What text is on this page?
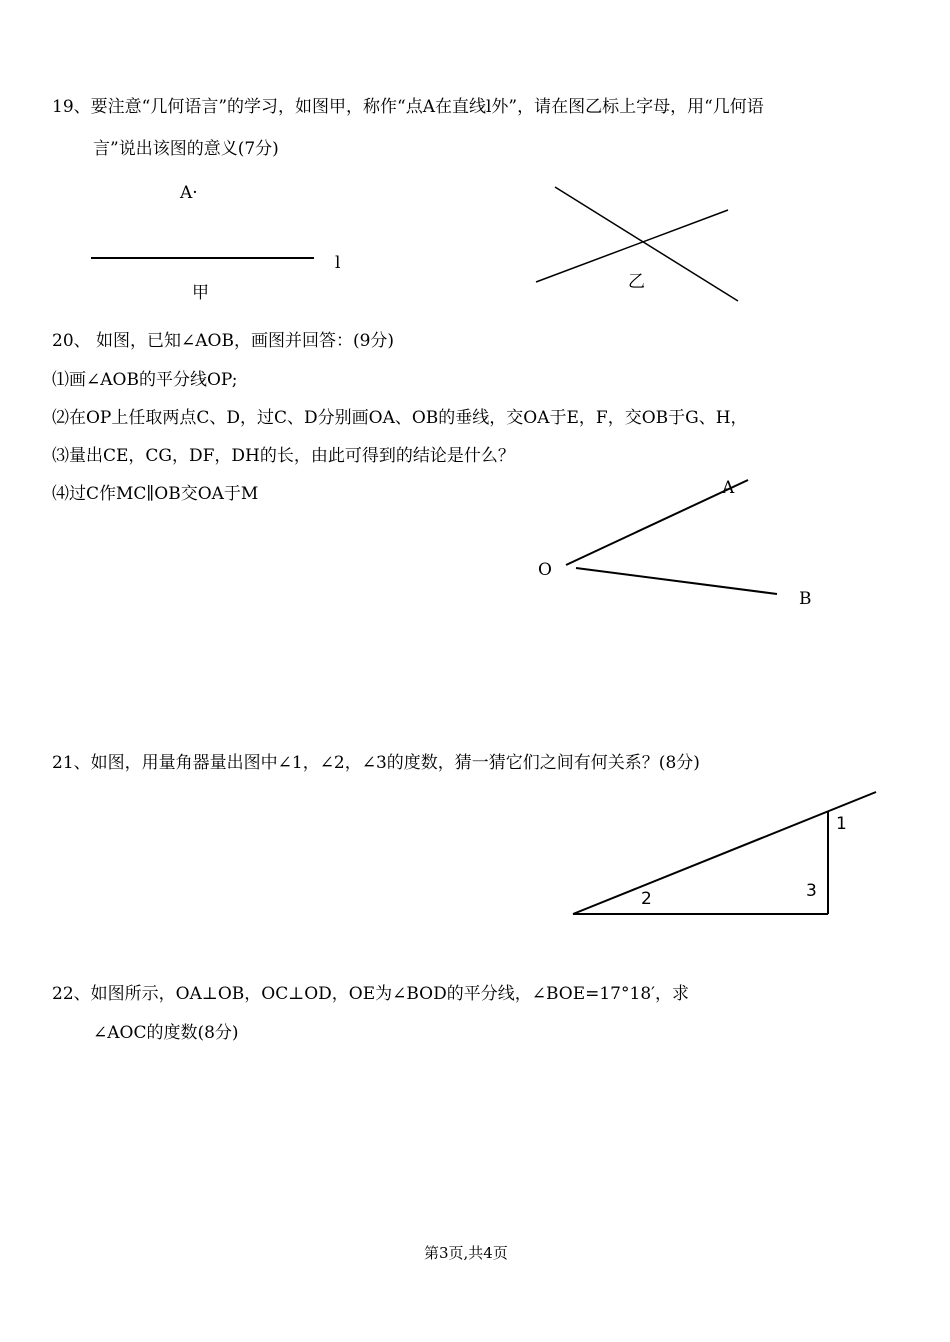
19、要注意“几何语言”的学习，如图甲，称作“点A在直线l外”，请在图乙标上字母，用“几何语
言”说出该图的意义(7分)
A·
l
甲
乙
20、 如图，已知∠AOB，画图并回答：(9分)
⑴画∠AOB的平分线OP;
⑵在OP上任取两点C、D，过C、D分别画OA、OB的垂线，交OA于E，F，交OB于G、H，
⑶量出CE，CG，DF，DH的长，由此可得到的结论是什么？
⑷过C作MC∥OB交OA于M	A
O
B
21、如图，用量角器量出图中∠1，∠2，∠3的度数，猜一猜它们之间有何关系？(8分)
1
2	3
22、如图所示，OA⊥OB，OC⊥OD，OE为∠BOD的平分线，∠BOE=17°18′，求
∠AOC的度数(8分)
第3页,共4页
